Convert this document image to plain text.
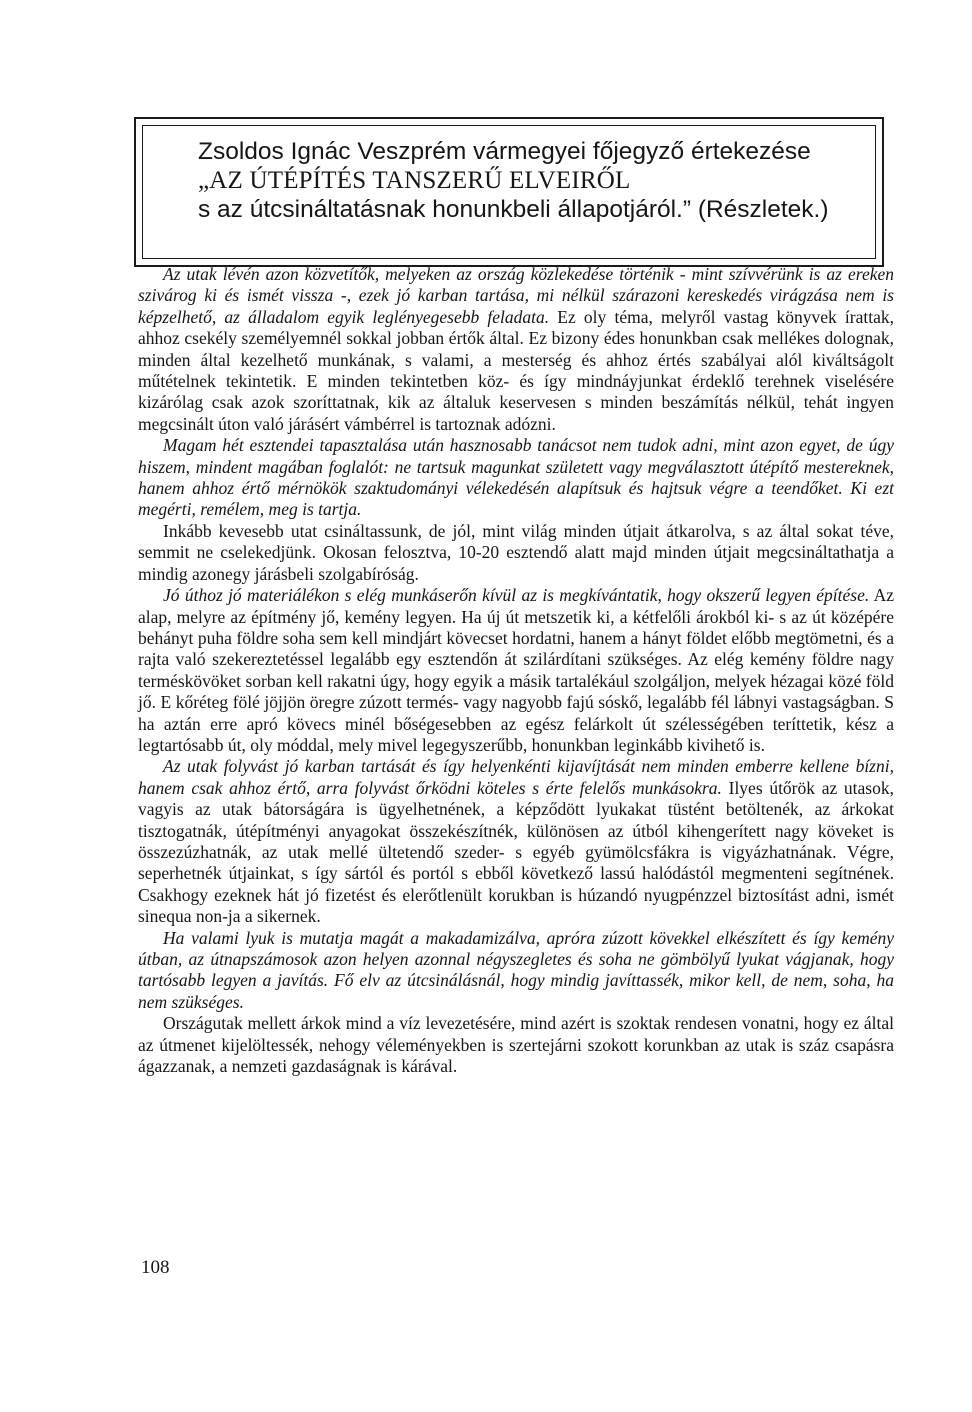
Zsoldos Ignác Veszprém vármegyei főjegyző értekezése
„AZ ÚTÉPÍTÉS TANSZERŰ ELVEIRŐL
s az útcsináltatásnak honunkbeli állapotjáról.” (Részletek.)

Az utak lévén azon közvetítők, melyeken az ország közlekedése történik - mint szívvérünk is az ereken szivárog ki és ismét vissza -, ezek jó karban tartása, mi nélkül szárazoni kereskedés virágzása nem is képzelhető, az álladalom egyik leglényegesebb feladata. Ez oly téma, melyről vastag könyvek írattak, ahhoz csekély személyemnél sokkal jobban értők által. Ez bizony édes honunkban csak mellékes dolognak, minden által kezelhető munkának, s valami, a mesterség és ahhoz értés szabályai alól kiváltságolt műtételnek tekintetik. E minden tekintetben köz- és így mindnáyjunkat érdeklő terehnek viselésére kizárólag csak azok szoríttatnak, kik az általuk keservesen s minden beszámítás nélkül, tehát ingyen megcsinált úton való járásért vámbérrel is tartoznak adózni.

Magam hét esztendei tapasztalása után hasznosabb tanácsot nem tudok adni, mint azon egyet, de úgy hiszem, mindent magában foglalót: ne tartsuk magunkat született vagy megválasztott útépítő mestereknek, hanem ahhoz értő mérnökök szaktudományi vélekedésén alapítsuk és hajtsuk végre a teendőket. Ki ezt megérti, remélem, meg is tartja.

Inkább kevesebb utat csináltassunk, de jól, mint világ minden útjait átkarolva, s az által sokat téve, semmit ne cselekedjünk. Okosan felosztva, 10-20 esztendő alatt majd minden útjait megcsináltathatja a mindig azonegy járásbeli szolgabíróság.

Jó úthoz jó materiálékon s elég munkáserőn kívül az is megkívántatik, hogy okszerű legyen építése. Az alap, melyre az építmény jő, kemény legyen. Ha új út metszetik ki, a kétfelőli árokból ki- s az út középére behányt puha földre soha sem kell mindjárt kövecset hordatni, hanem a hányt földet előbb megtömetni, és a rajta való szekereztetéssel legalább egy esztendőn át szilárdítani szükséges. Az elég kemény földre nagy terméskövöket sorban kell rakatni úgy, hogy egyik a másik tartalékául szolgáljon, melyek hézagai közé föld jő. E kőréteg fölé jöjjön öregre zúzott termés- vagy nagyobb fajú sóskő, legalább fél lábnyi vastagságban. S ha aztán erre apró kövecs minél bőségesebben az egész felárkolt út szélességében teríttetik, kész a legtartósabb út, oly móddal, mely mivel legegyszerűbb, honunkban leginkább kivihető is.

Az utak folyvást jó karban tartását és így helyenkénti kijavíjtását nem minden emberre kellene bízni, hanem csak ahhoz értő, arra folyvást őrködni köteles s érte felelős munkásokra. Ilyes útőrök az utasok, vagyis az utak bátorságára is ügyelhetnének, a képződött lyukakat tüstént betöltenék, az árkokat tisztogatnák, útépítményi anyagokat összekészítnék, különösen az útból kihengerített nagy köveket is összezúzhatnák, az utak mellé ültetendő szeder- s egyéb gyümölcsfákra is vigyázhatnának. Végre, seperhetnék útjainkat, s így sártól és portól s ebből következő lassú halódástól megmenteni segítnének. Csakhogy ezeknek hát jó fizetést és elerőtlenült korukban is húzandó nyugpénzzel biztosítást adni, ismét sinequa non-ja a sikernek.

Ha valami lyuk is mutatja magát a makadamizálva, apróra zúzott kövekkel elkészített és így kemény útban, az útnapszámosok azon helyen azonnal négyszegletes és soha ne gömbölyű lyukat vágjanak, hogy tartósabb legyen a javítás. Fő elv az útcsinálásnál, hogy mindig javíttassék, mikor kell, de nem, soha, ha nem szükséges.

Országutak mellett árkok mind a víz levezetésére, mind azért is szoktak rendesen vonatni, hogy ez által az útmenet kijelöltessék, nehogy véleményekben is szertejárni szokott korunkban az utak is száz csapásra ágazzanak, a nemzeti gazdaságnak is kárával.

108
